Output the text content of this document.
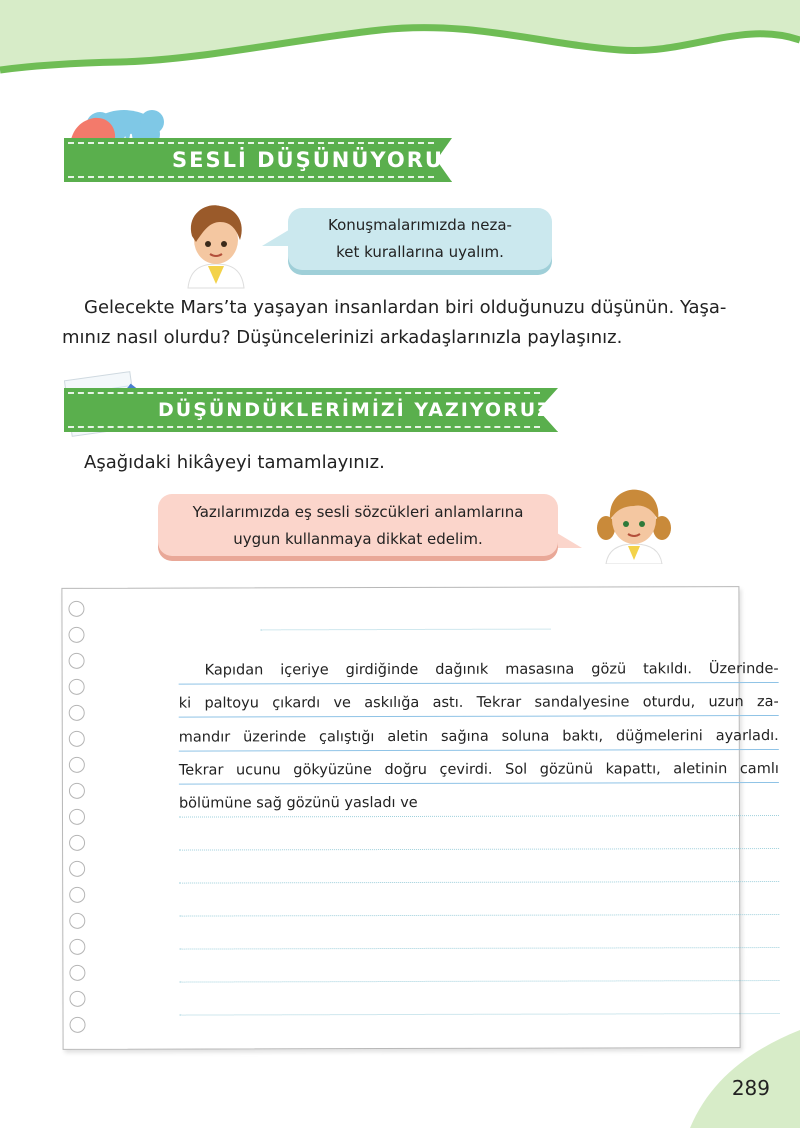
SESLİ DÜŞÜNÜYORUZ
Konuşmalarımızda neza-
ket kurallarına uyalım.
Gelecekte Mars’ta yaşayan insanlardan biri olduğunuzu düşünün. Yaşa-
mınız nasıl olurdu? Düşüncelerinizi arkadaşlarınızla paylaşınız.
DÜŞÜNDÜKLERİMİZİ YAZIYORUZ
Aşağıdaki hikâyeyi tamamlayınız.
Yazılarımızda eş sesli sözcükleri anlamlarına
uygun kullanmaya dikkat edelim.
Kapıdan içeriye girdiğinde dağınık masasına gözü takıldı. Üzerinde-
ki paltoyu çıkardı ve askılığa astı. Tekrar sandalyesine oturdu, uzun za-
mandır üzerinde çalıştığı aletin sağına soluna baktı, düğmelerini ayarladı.
Tekrar ucunu gökyüzüne doğru çevirdi. Sol gözünü kapattı, aletinin camlı
bölümüne sağ gözünü yasladı ve
289
